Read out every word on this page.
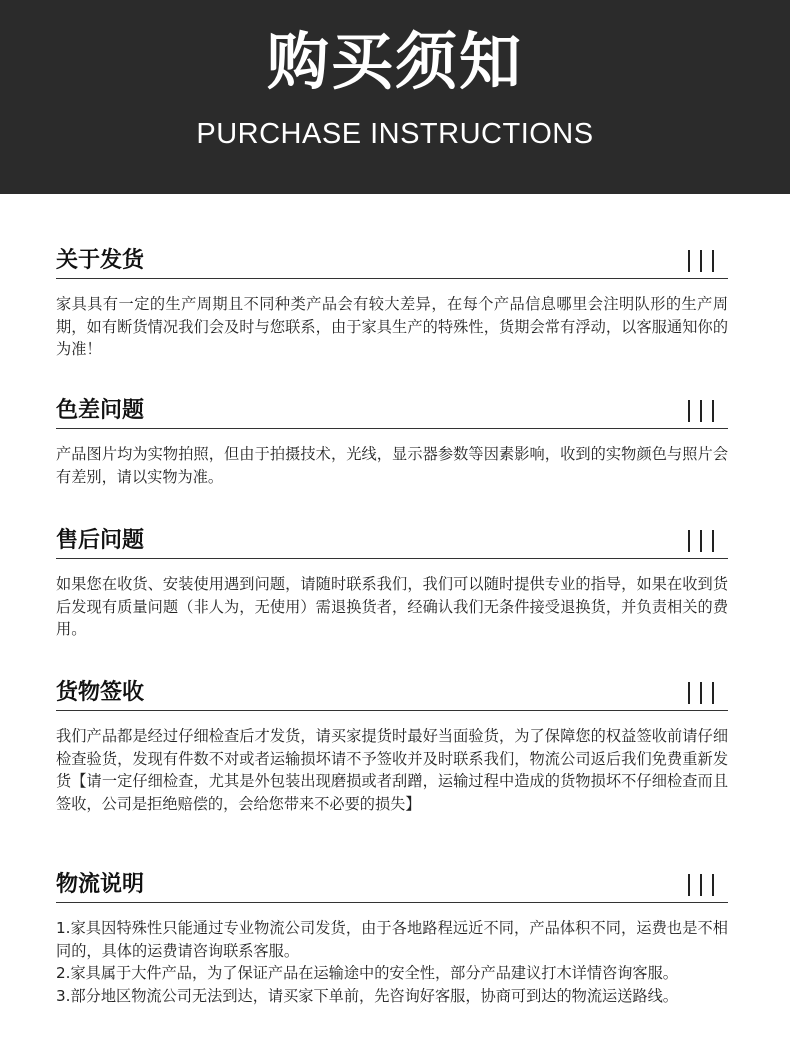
购买须知
PURCHASE INSTRUCTIONS
关于发货

家具具有一定的生产周期且不同种类产品会有较大差异，在每个产品信息哪里会注明队形的生产周期，如有断货情况我们会及时与您联系，由于家具生产的特殊性，货期会常有浮动，以客服通知你的为准！

色差问题

产品图片均为实物拍照，但由于拍摄技术，光线，显示器参数等因素影响，收到的实物颜色与照片会有差别，请以实物为准。

售后问题

如果您在收货、安装使用遇到问题，请随时联系我们，我们可以随时提供专业的指导，如果在收到货后发现有质量问题（非人为，无使用）需退换货者，经确认我们无条件接受退换货，并负责相关的费用。

货物签收

我们产品都是经过仔细检查后才发货，请买家提货时最好当面验货，为了保障您的权益签收前请仔细检查验货，发现有件数不对或者运输损坏请不予签收并及时联系我们，物流公司返后我们免费重新发货【请一定仔细检查，尤其是外包装出现磨损或者刮蹭，运输过程中造成的货物损坏不仔细检查而且签收，公司是拒绝赔偿的，会给您带来不必要的损失】

物流说明

1.家具因特殊性只能通过专业物流公司发货，由于各地路程远近不同，产品体积不同，运费也是不相同的，具体的运费请咨询联系客服。

2.家具属于大件产品，为了保证产品在运输途中的安全性，部分产品建议打木详情咨询客服。

3.部分地区物流公司无法到达，请买家下单前，先咨询好客服，协商可到达的物流运送路线。
